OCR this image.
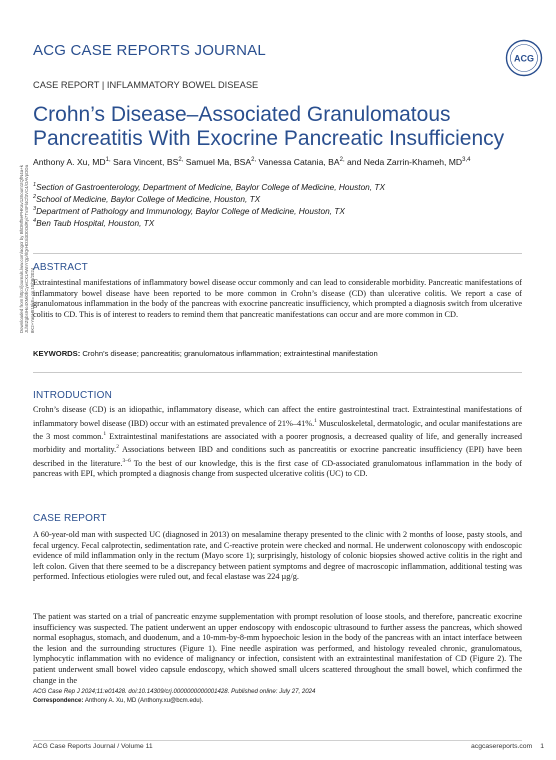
ACG CASE REPORTS JOURNAL	ACG
Downloaded from http://journals.lww.com/acgcr by BhDMf5ePHKav1zEoum1tQfN4a+kJLhEZgbsIHo4XMi0hCywCX1AWnYQp/IlQrHD3i3D0OdRyi7TvSFl4Cf3VC4/OAVpDDa8K2+Ya6H515kE= on 10/08/2024
CASE REPORT | INFLAMMATORY BOWEL DISEASE
Crohn’s Disease–Associated Granulomatous Pancreatitis With Exocrine Pancreatic Insufficiency
Anthony A. Xu, $MD^{1,}$ Sara Vincent, $BS^{2,}$ Samuel Ma, $BSA^{2,}$ Vanessa Catania, $BA^{2,}$ and Neda Zarrin-Khameh, MD$^{3,4}$
$^1$Section of Gastroenterology, Department of Medicine, Baylor College of Medicine, Houston, TX
$^2$School of Medicine, Baylor College of Medicine, Houston, TX
$^3$Department of Pathology and Immunology, Baylor College of Medicine, Houston, TX
$^4$Ben Taub Hospital, Houston, TX
ABSTRACT

Extraintestinal manifestations of inflammatory bowel disease occur commonly and can lead to considerable morbidity. Pancreatic manifestations of inflammatory bowel disease have been reported to be more common in Crohn’s disease (CD) than ulcerative colitis. We report a case of granulomatous inflammation in the body of the pancreas with exocrine pancreatic insufficiency, which prompted a diagnosis switch from ulcerative colitis to CD. This is of interest to readers to remind them that pancreatic manifestations can occur and are more common in CD.

KEYWORDS: Crohn’s disease; pancreatitis; granulomatous inflammation; extraintestinal manifestation
INTRODUCTION

Crohn’s disease (CD) is an idiopathic, inflammatory disease, which can affect the entire gastrointestinal tract. Extraintestinal manifestations of inflammatory bowel disease (IBD) occur with an estimated prevalence of 21%–41%.$^1$ Musculoskeletal, dermatologic, and ocular manifestations are the 3 most common.$^1$ Extraintestinal manifestations are associated with a poorer prognosis, a decreased quality of life, and generally increased morbidity and mortality.$^2$ Associations between IBD and conditions such as pancreatitis or exocrine pancreatic insufficiency (EPI) have been described in the literature.$^{3-6}$ To the best of our knowledge, this is the first case of CD-associated granulomatous inflammation in the body of pancreas with EPI, which prompted a diagnosis change from suspected ulcerative colitis (UC) to CD.

CASE REPORT

A 60-year-old man with suspected UC (diagnosed in 2013) on mesalamine therapy presented to the clinic with 2 months of loose, pasty stools, and fecal urgency. Fecal calprotectin, sedimentation rate, and C-reactive protein were checked and normal. He underwent colonoscopy with endoscopic evidence of mild inflammation only in the rectum (Mayo score 1); surprisingly, histology of colonic biopsies showed active colitis in the right and left colon. Given that there seemed to be a discrepancy between patient symptoms and degree of macroscopic inflammation, additional testing was performed. Infectious etiologies were ruled out, and fecal elastase was 224 µg/g.

The patient was started on a trial of pancreatic enzyme supplementation with prompt resolution of loose stools, and therefore, pancreatic exocrine insufficiency was suspected. The patient underwent an upper endoscopy with endoscopic ultrasound to further assess the pancreas, which showed normal esophagus, stomach, and duodenum, and a 10-mm-by-8-mm hypoechoic lesion in the body of the pancreas with an intact interface between the lesion and the surrounding structures (Figure 1). Fine needle aspiration was performed, and histology revealed chronic, granulomatous, lymphocytic inflammation with no evidence of malignancy or infection, consistent with an extraintestinal manifestation of CD (Figure 2). The patient underwent small bowel video capsule endoscopy, which showed small ulcers scattered throughout the small bowel, which confirmed the change in the

ACG Case Rep J 2024;11:e01428. doi:10.14309/crj.0000000000001428. Published online: July 27, 2024
Correspondence: Anthony A. Xu, MD (Anthony.xu@bcm.edu).
ACG Case Reports Journal / Volume 11	acgcasereports.com 1
